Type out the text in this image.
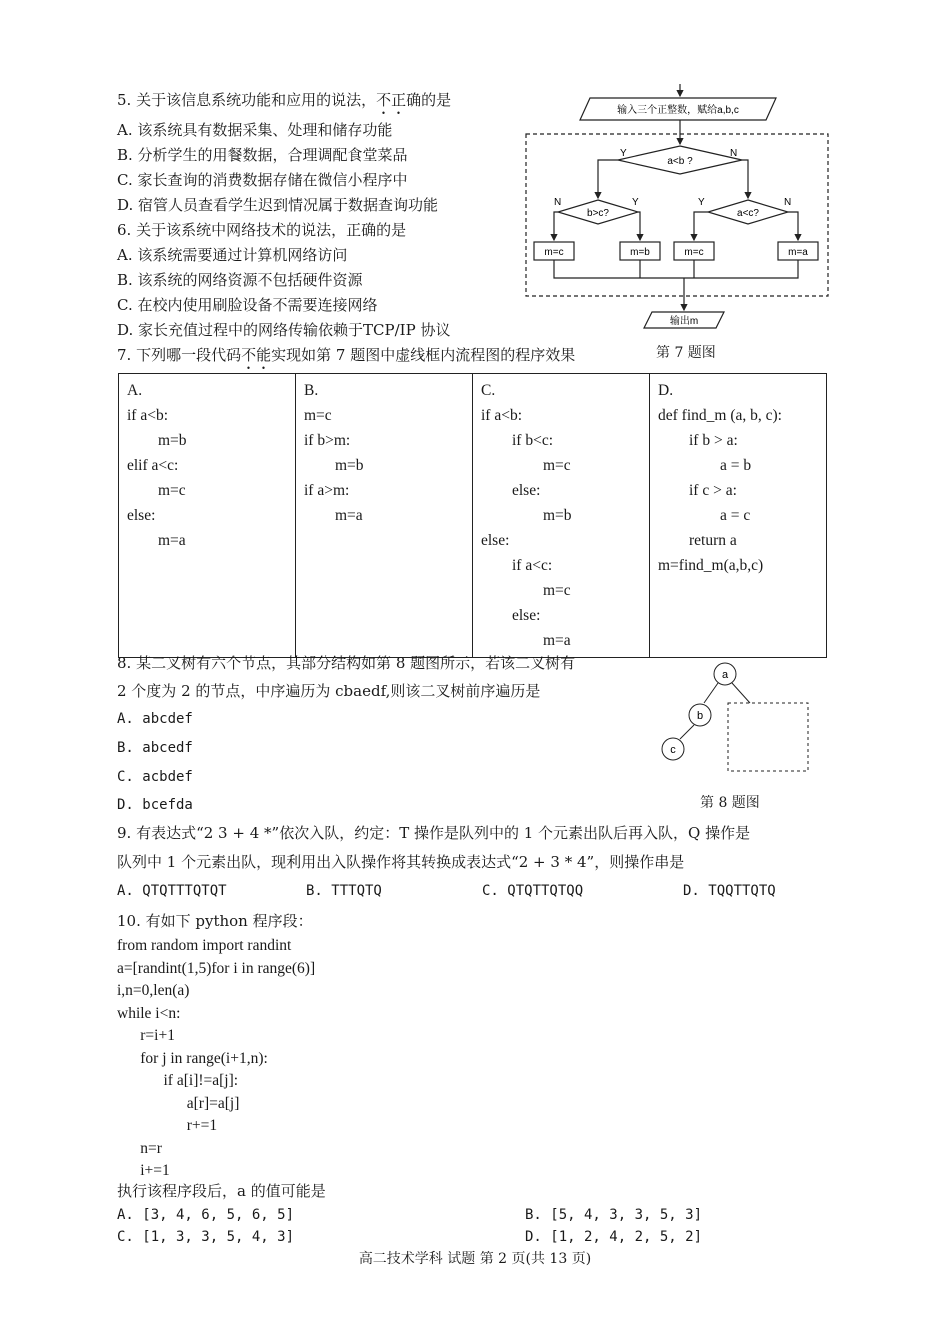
5. 关于该信息系统功能和应用的说法，不正确的是
A. 该系统具有数据采集、处理和储存功能
B. 分析学生的用餐数据，合理调配食堂菜品
C. 家长查询的消费数据存储在微信小程序中
D. 宿管人员查看学生迟到情况属于数据查询功能
6. 关于该系统中网络技术的说法，正确的是
A. 该系统需要通过计算机网络访问
B. 该系统的网络资源不包括硬件资源
C. 在校内使用刷脸设备不需要连接网络
D. 家长充值过程中的网络传输依赖于TCP/IP 协议
7. 下列哪一段代码不能实现如第 7 题图中虚线框内流程图的程序效果
输入三个正整数，赋给a,b,c
a<b ?
Y	N
b>c?
N	Y
a<c?
Y	N
m=c	m=b	m=c	m=a
输出m
第 7 题图
A.
if a<b:
m=b
elif a<c:
m=c
else:
m=a

B.
m=c
if b>m:
m=b
if a>m:
m=a

C.
if a<b:
if b<c:
m=c
else:
m=b
else:
if a<c:
m=c
else:
m=a

D.
def find_m (a, b, c):
if b > a:
a = b
if c > a:
a = c
return a
m=find_m(a,b,c)
8. 某二叉树有六个节点，其部分结构如第 8 题图所示，若该二叉树有
2 个度为 2 的节点，中序遍历为 cbaedf,则该二叉树前序遍历是
A. abcdef
B. abcedf
C. acbdef
D. bcefda
a
b
c
第 8 题图
9. 有表达式“2 3 + 4 *”依次入队，约定：T 操作是队列中的 1 个元素出队后再入队，Q 操作是
队列中 1 个元素出队，现利用出入队操作将其转换成表达式“2 + 3 * 4”，则操作串是
A. QTQTTTQTQT	B. TTTQTQ	C. QTQTTQTQQ	D. TQQTTQTQ
10. 有如下 python 程序段：
from random import randint
a=[randint(1,5)for i in range(6)]
i,n=0,len(a)
while i<n:
r=i+1
for j in range(i+1,n):
if a[i]!=a[j]:
a[r]=a[j]
r+=1
n=r
i+=1
执行该程序段后，a 的值可能是
A. [3, 4, 6, 5, 6, 5]	B. [5, 4, 3, 3, 5, 3]
C. [1, 3, 3, 5, 4, 3]	D. [1, 2, 4, 2, 5, 2]
高二技术学科 试题 第 2 页(共 13 页)
